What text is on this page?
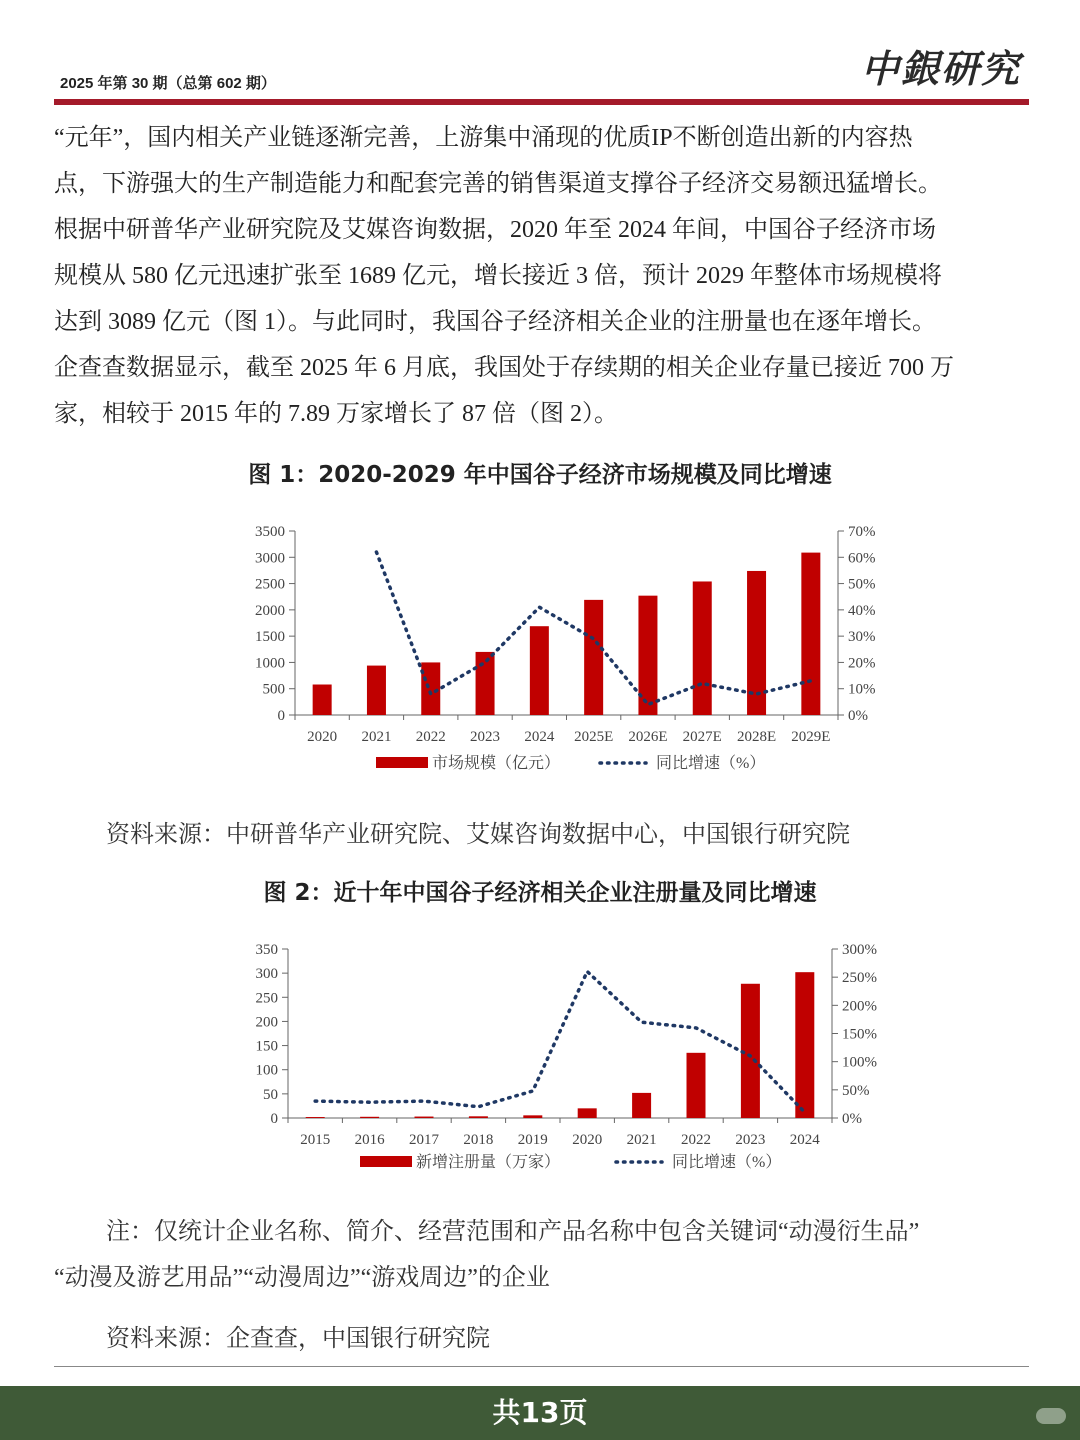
2025 年第 30 期（总第 602 期）	中銀研究

“元年”，国内相关产业链逐渐完善，上游集中涌现的优质IP不断创造出新的内容热

点，下游强大的生产制造能力和配套完善的销售渠道支撑谷子经济交易额迅猛增长。

根据中研普华产业研究院及艾媒咨询数据，2020 年至 2024 年间，中国谷子经济市场

规模从 580 亿元迅速扩张至 1689 亿元，增长接近 3 倍，预计 2029 年整体市场规模将

达到 3089 亿元（图 1）。与此同时，我国谷子经济相关企业的注册量也在逐年增长。

企查查数据显示，截至 2025 年 6 月底，我国处于存续期的相关企业存量已接近 700 万

家，相较于 2015 年的 7.89 万家增长了 87 倍（图 2）。

图 1：2020-2029 年中国谷子经济市场规模及同比增速
0
500
1000
1500
2000
2500
3000
3500
0%
10%
20%
30%
40%
50%
60%
70%
2020 2021 2022 2023 2024 2025E 2026E 2027E 2028E 2029E
市场规模（亿元）	同比增速（%）
资料来源：中研普华产业研究院、艾媒咨询数据中心，中国银行研究院
图 2：近十年中国谷子经济相关企业注册量及同比增速
0
50
100
150
200
250
300
350
0%
50%
100%
150%
200%
250%
300%
2015 2016 2017 2018 2019 2020 2021 2022 2023 2024
新增注册量（万家）	同比增速（%）

注：仅统计企业名称、简介、经营范围和产品名称中包含关键词“动漫衍生品”

“动漫及游艺用品”“动漫周边”“游戏周边”的企业

资料来源：企查查，中国银行研究院
共13页
